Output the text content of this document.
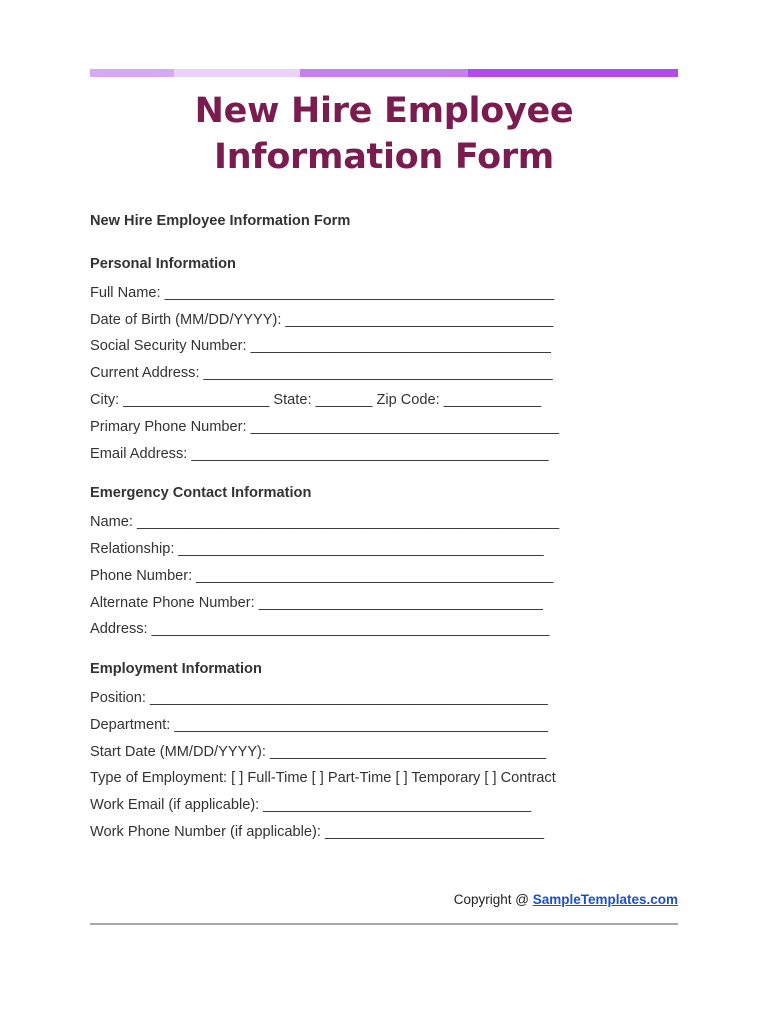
New Hire Employee Information Form
New Hire Employee Information Form
Personal Information
Full Name: ________________________________________________
Date of Birth (MM/DD/YYYY): _________________________________
Social Security Number: _____________________________________
Current Address: ___________________________________________
City: __________________ State: _______ Zip Code: ____________
Primary Phone Number: ______________________________________
Email Address: ____________________________________________
Emergency Contact Information
Name: ____________________________________________________
Relationship: _____________________________________________
Phone Number: ____________________________________________
Alternate Phone Number: ___________________________________
Address: _________________________________________________
Employment Information
Position: _________________________________________________
Department: ______________________________________________
Start Date (MM/DD/YYYY): __________________________________
Type of Employment: [ ] Full-Time [ ] Part-Time [ ] Temporary [ ] Contract
Work Email (if applicable): _________________________________
Work Phone Number (if applicable): ___________________________
Copyright @ SampleTemplates.com
